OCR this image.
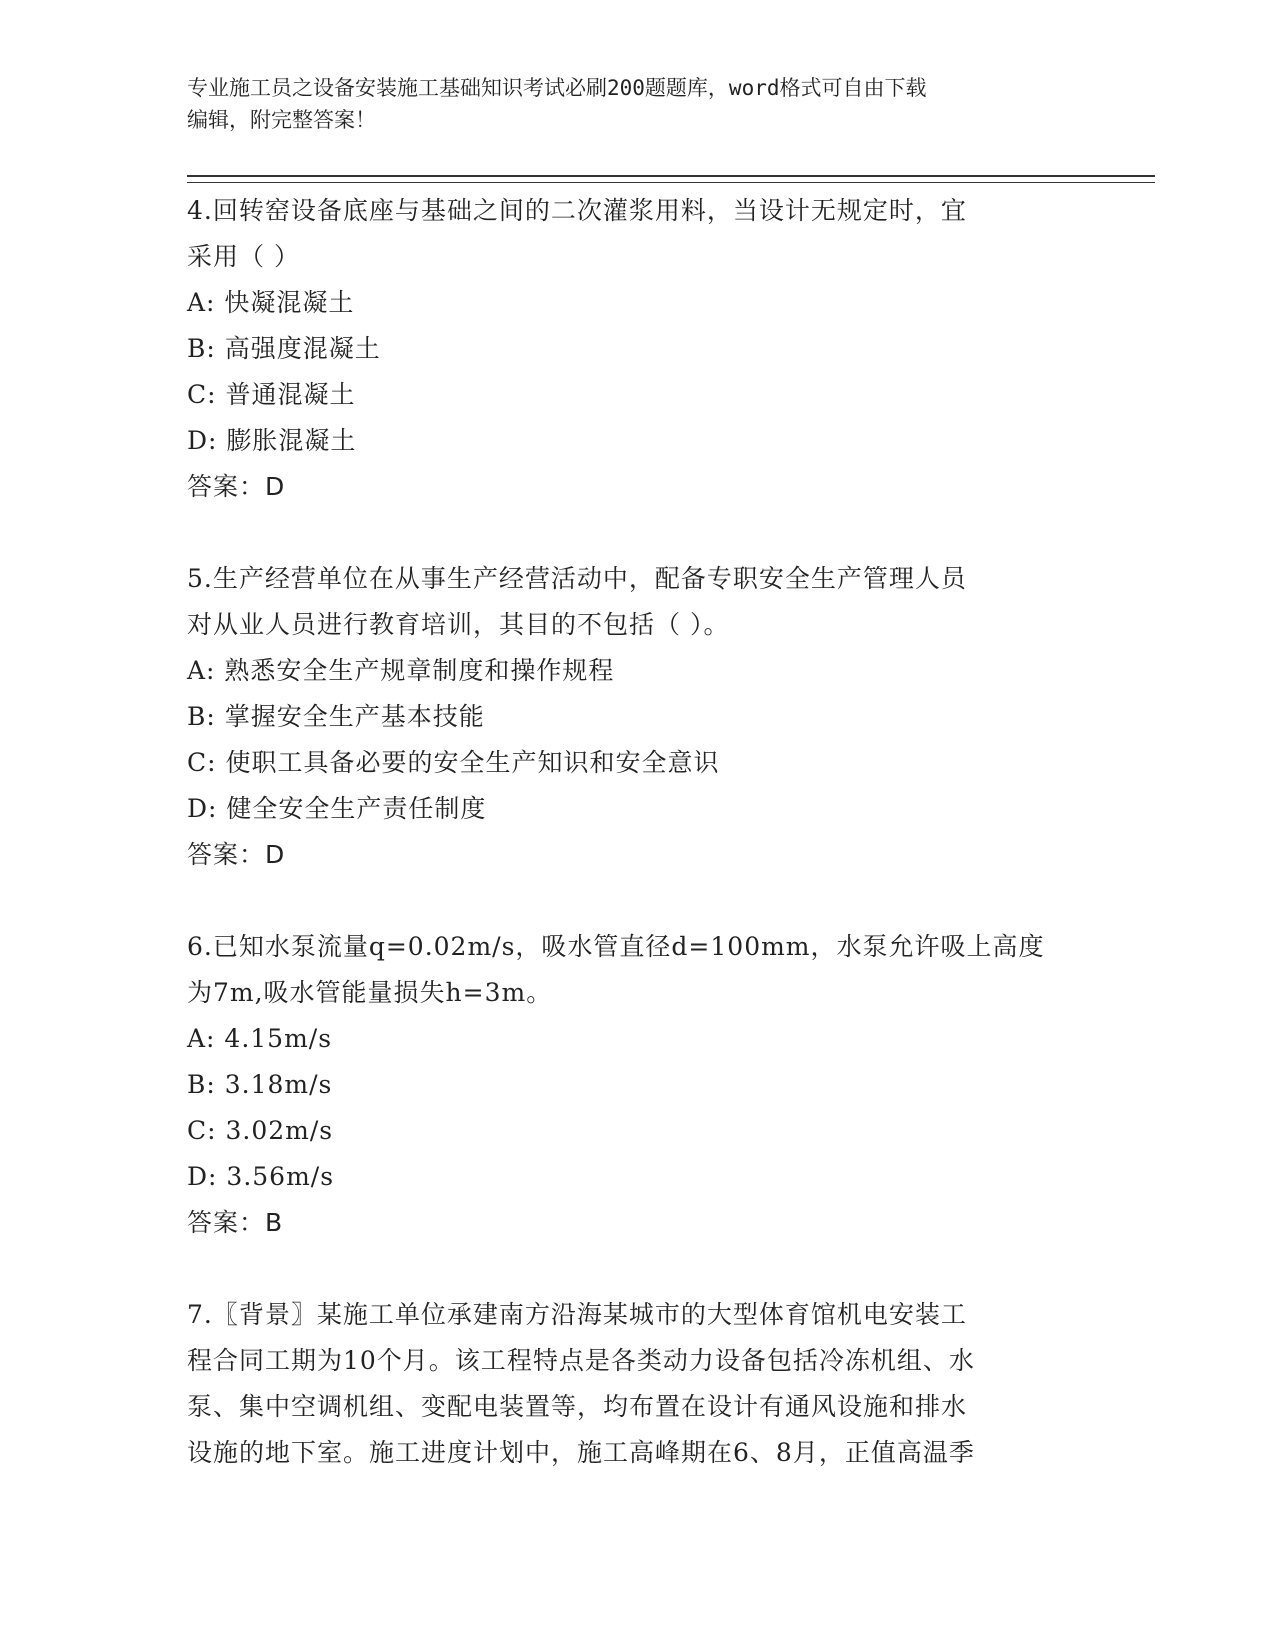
专业施工员之设备安装施工基础知识考试必刷200题题库，word格式可自由下载
编辑，附完整答案！

4.回转窑设备底座与基础之间的二次灌浆用料，当设计无规定时，宜

采用（ ）

A: 快凝混凝土

B: 高强度混凝土

C: 普通混凝土

D: 膨胀混凝土

答案：D

5.生产经营单位在从事生产经营活动中，配备专职安全生产管理人员

对从业人员进行教育培训，其目的不包括（ ）。

A: 熟悉安全生产规章制度和操作规程

B: 掌握安全生产基本技能

C: 使职工具备必要的安全生产知识和安全意识

D: 健全安全生产责任制度

答案：D

6.已知水泵流量q=0.02m/s，吸水管直径d=100mm，水泵允许吸上高度

为7m,吸水管能量损失h=3m。

A: 4.15m/s

B: 3.18m/s

C: 3.02m/s

D: 3.56m/s

答案：B

7.〖背景〗某施工单位承建南方沿海某城市的大型体育馆机电安装工

程合同工期为10个月。该工程特点是各类动力设备包括冷冻机组、水

泵、集中空调机组、变配电装置等，均布置在设计有通风设施和排水

设施的地下室。施工进度计划中，施工高峰期在6、8月，正值高温季
